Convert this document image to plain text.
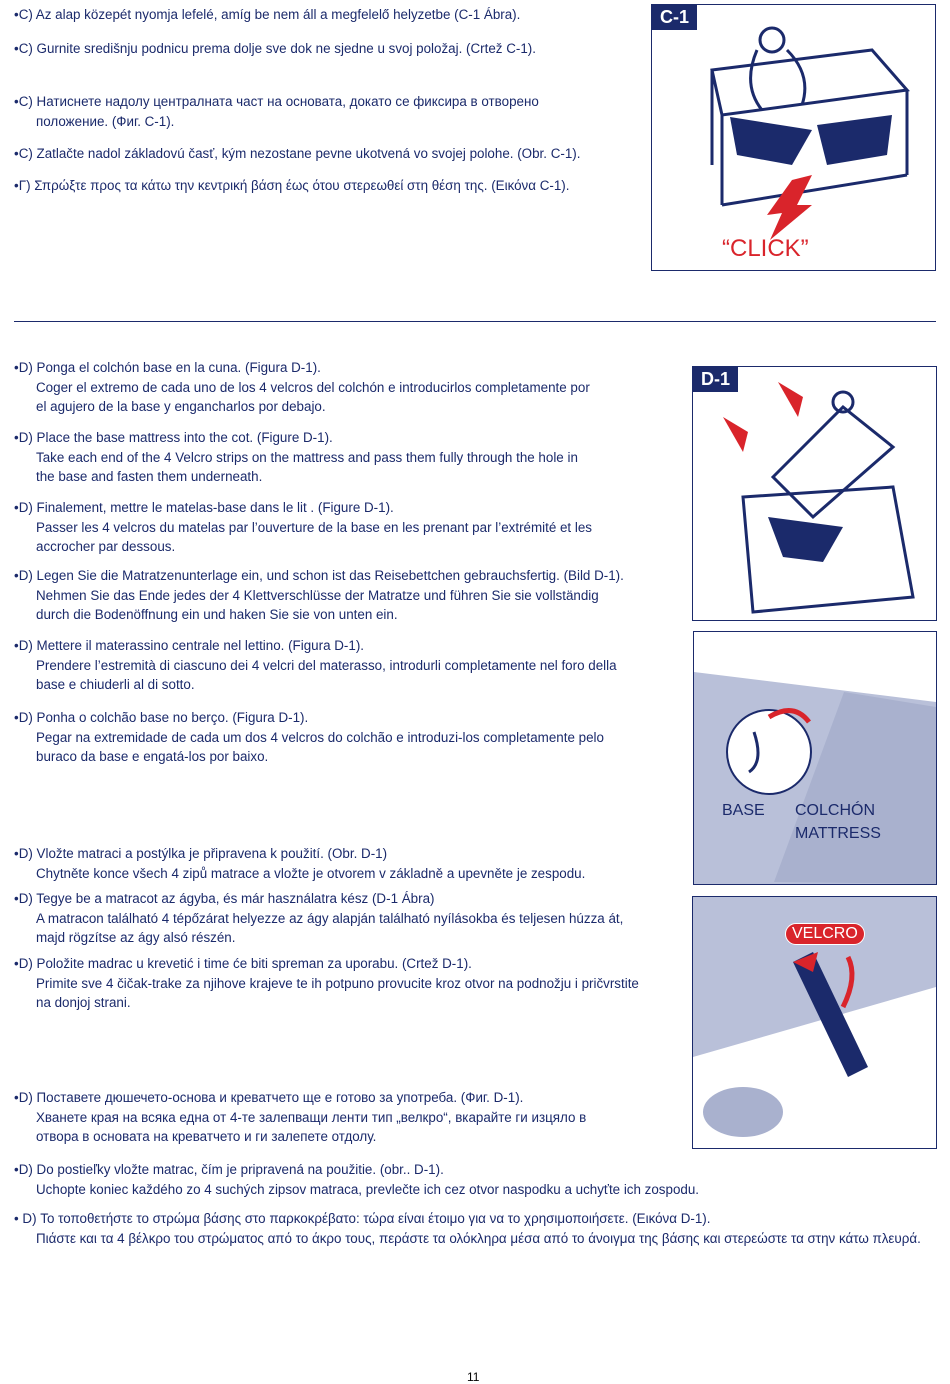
•C) Az alap közepét nyomja lefelé, amíg be nem áll a megfelelő helyzetbe (C-1 Ábra).
•C) Gurnite središnju podnicu prema dolje sve dok ne sjedne u svoj položaj. (Crtež C-1).
•C) Натиснете надолу централната част на основата, докато се фиксира в отворено
положение. (Фиг. C-1).
•C) Zatlačte nadol základovú časť, kým nezostane pevne ukotvená vo svojej polohe. (Obr. C-1).
•Γ) Σπρώξτε προς τα κάτω την κεντρική βάση έως ότου στερεωθεί στη θέση της. (Εικόνα C-1).
•D) Ponga el colchón base en la cuna. (Figura D-1).
Coger el extremo de cada uno de los 4 velcros del colchón e introducirlos completamente por
el agujero de la base y engancharlos por debajo.
•D) Place the base mattress into the cot. (Figure D-1).
Take each end of the 4 Velcro strips on the mattress and pass them fully through the hole in
the base and fasten them underneath.
•D) Finalement, mettre le matelas-base dans le lit . (Figure D-1).
Passer les 4 velcros du matelas par l’ouverture de la base en les prenant par l’extrémité et les
accrocher par dessous.
•D) Legen Sie die Matratzenunterlage ein, und schon ist das Reisebettchen gebrauchsfertig. (Bild D-1).
Nehmen Sie das Ende jedes der 4 Klettverschlüsse der Matratze und führen Sie sie vollständig
durch die Bodenöffnung ein und haken Sie sie von unten ein.
•D) Mettere il materassino centrale nel lettino. (Figura D-1).
Prendere l’estremità di ciascuno dei 4 velcri del materasso, introdurli completamente nel foro della
base e chiuderli al di sotto.
•D) Ponha o colchão base no berço. (Figura D-1).
Pegar na extremidade de cada um dos 4 velcros do colchão e introduzi-los completamente pelo
buraco da base e engatá-los por baixo.
•D) Vložte matraci a postýlka je připravena k použití. (Obr. D-1)
Chytněte konce všech 4 zipů matrace a vložte je otvorem v základně a upevněte je zespodu.
•D) Tegye be a matracot az ágyba, és már használatra kész (D-1 Ábra)
A matracon található 4 tépőzárat helyezze az ágy alapján található nyílásokba és teljesen húzza át,
majd rögzítse az ágy alsó részén.
•D) Položite madrac u krevetić i time će biti spreman za uporabu. (Crtež D-1).
Primite sve 4 čičak-trake za njihove krajeve te ih potpuno provucite kroz otvor na podnožju i pričvrstite
na donjoj strani.
•D) Поставете дюшечето-основа и креватчето ще е готово за употреба. (Фиг. D-1).
Хванете края на всяка една от 4-те залепващи ленти тип „велкро“, вкарайте ги изцяло в
отвора в основата на креватчето и ги залепете отдолу.
•D) Do postieľky vložte matrac, čím je pripravená na použitie. (obr.. D-1).
Uchopte koniec každého zo 4 suchých zipsov matraca, prevlečte ich cez otvor naspodku a uchyťte ich zospodu.
• D) Το τοποθετήστε το στρώμα βάσης στο παρκοκρέβατο: τώρα είναι έτοιμο για να το χρησιμοποιήσετε. (Εικόνα D-1).
Πιάστε και τα 4 βέλκρο του στρώματος από το άκρο τους, περάστε τα ολόκληρα μέσα από το άνοιγμα της βάσης και στερεώστε τα στην κάτω πλευρά.
C-1
“CLICK”
D-1
BASE COLCHÓN
MATTRESS
VELCRO
11
